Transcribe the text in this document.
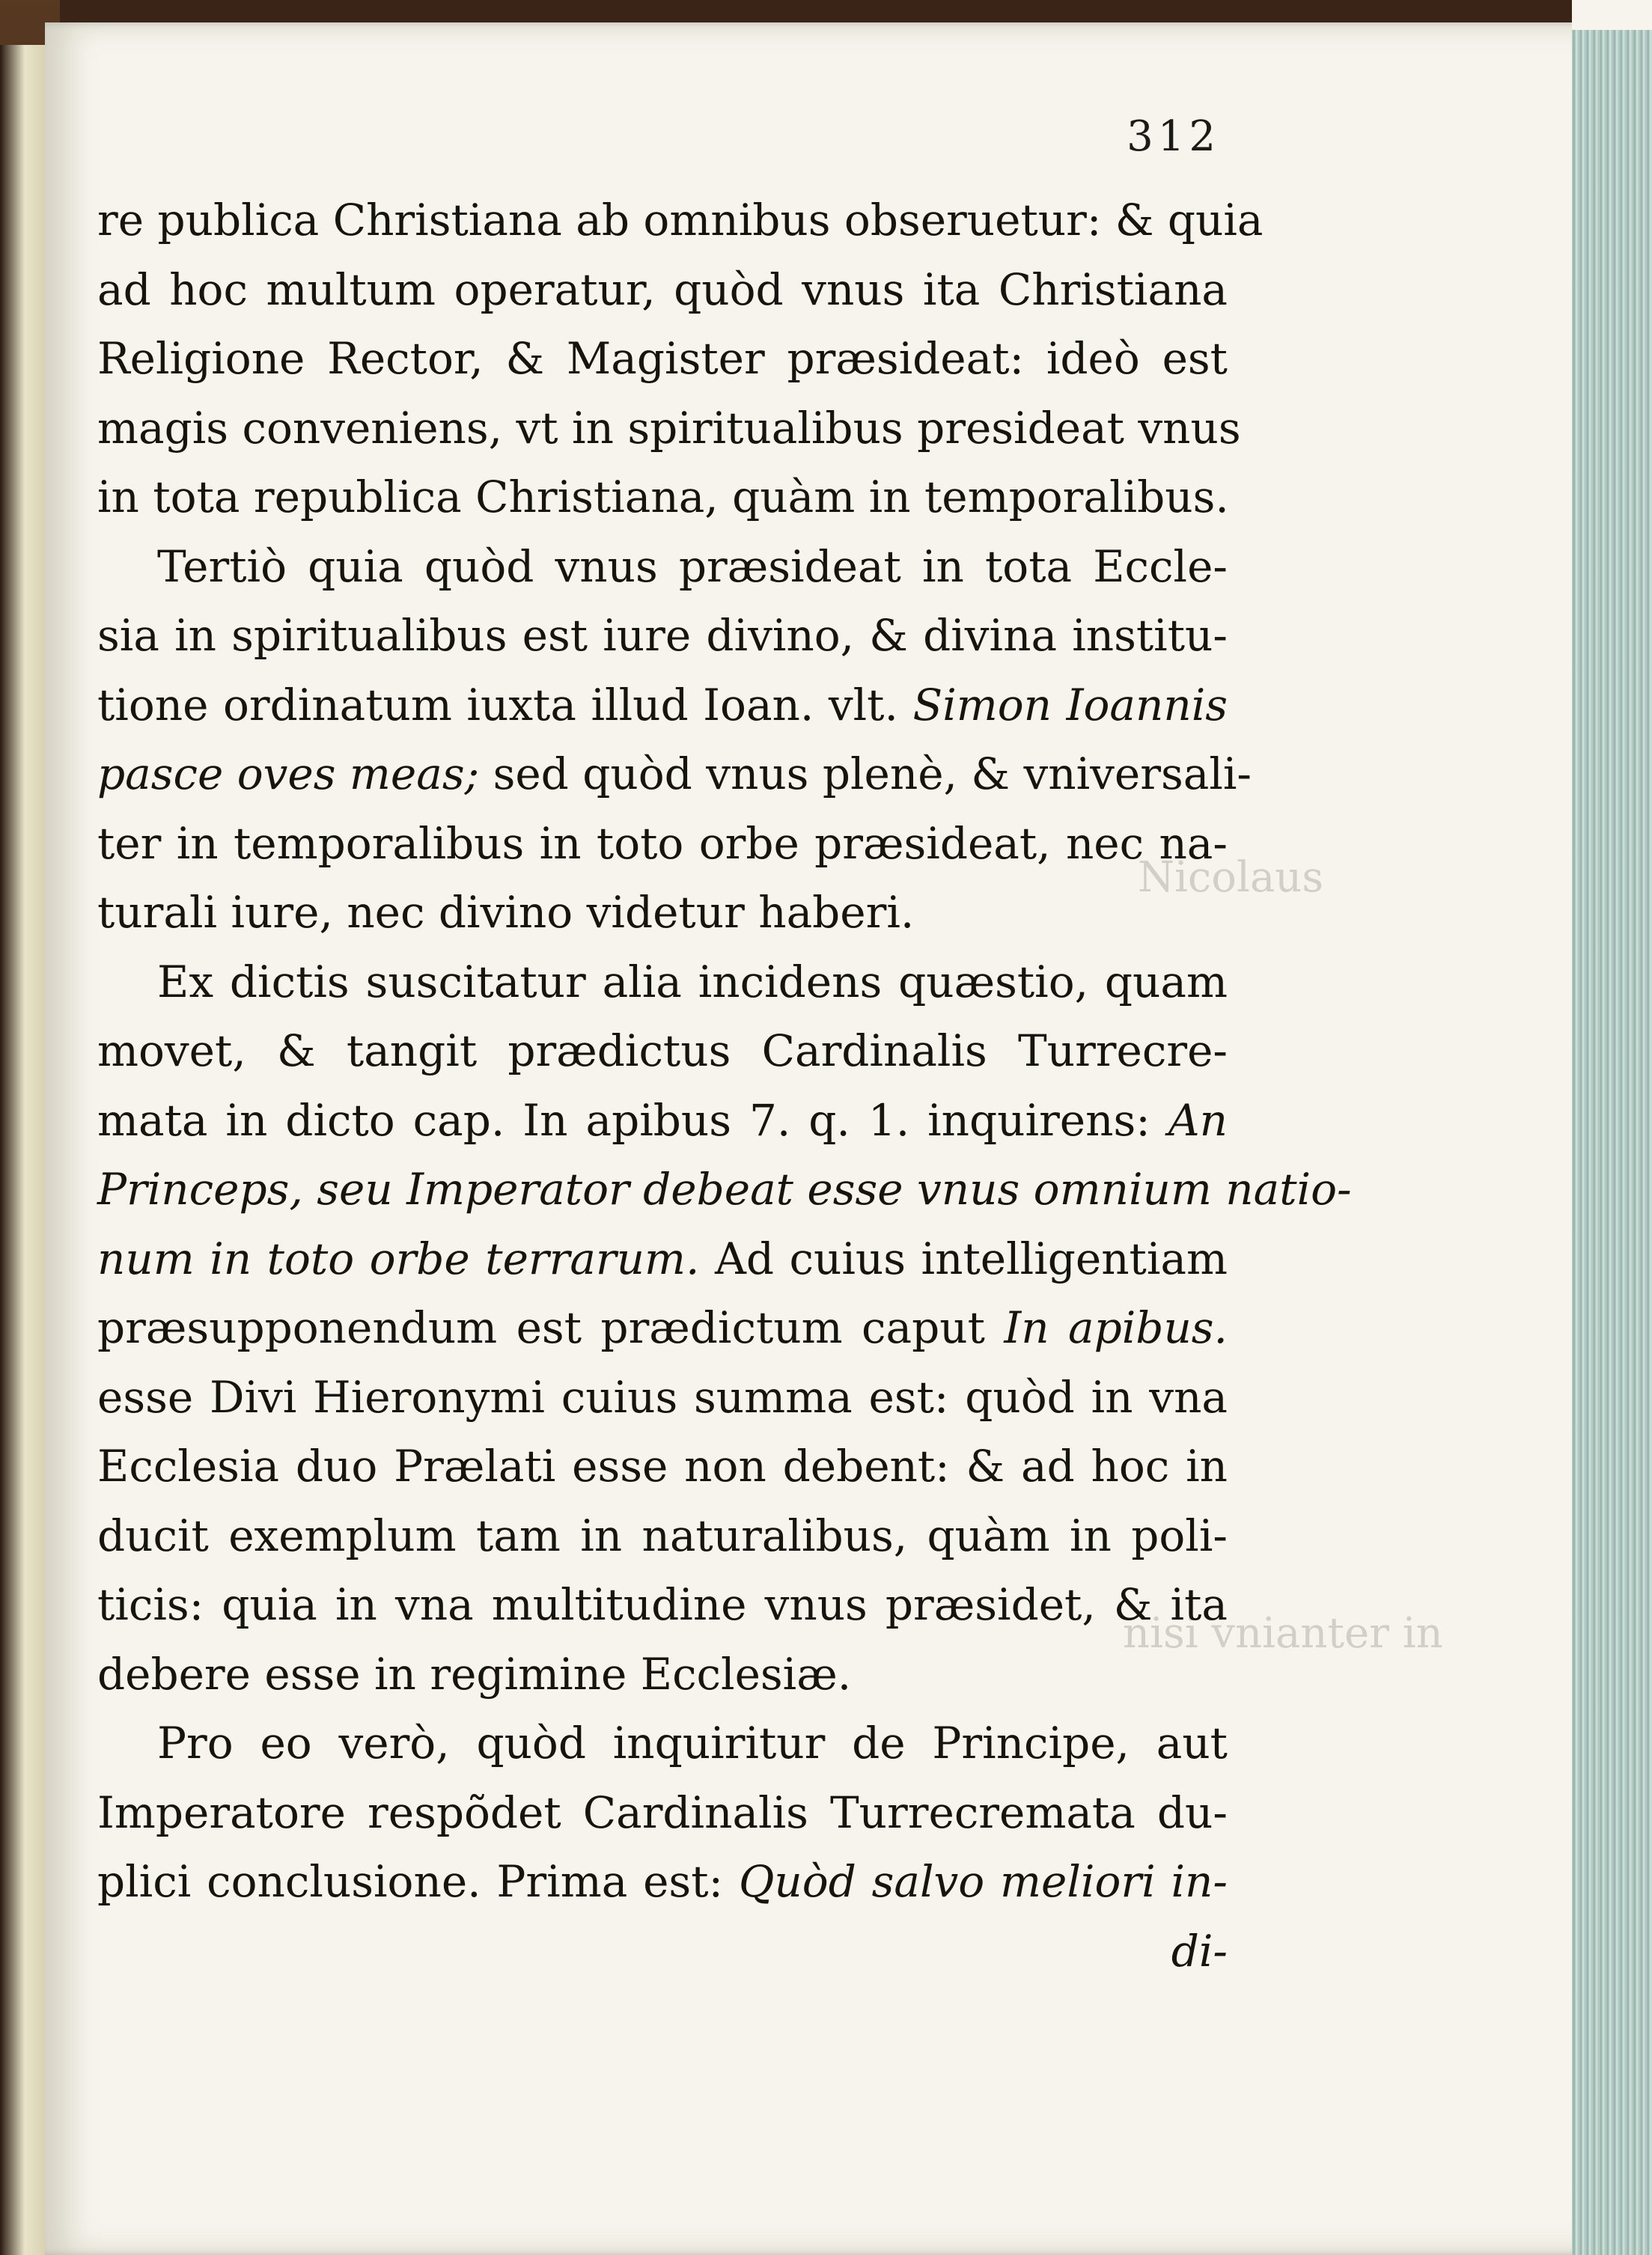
Nicolaus
nisi vnianter in
312
re publica Christiana ab omnibus obseruetur: & quia
ad hoc multum operatur, quòd vnus ita Christiana
Religione Rector, & Magister præsideat: ideò est
magis conveniens, vt in spiritualibus presideat vnus
in tota republica Christiana, quàm in temporalibus.
Tertiò quia quòd vnus præsideat in tota Eccle-
sia in spiritualibus est iure divino, & divina institu-
tione ordinatum iuxta illud Ioan. vlt. Simon Ioannis
pasce oves meas; sed quòd vnus plenè, & vniversali-
ter in temporalibus in toto orbe præsideat, nec na-
turali iure, nec divino videtur haberi.
Ex dictis suscitatur alia incidens quæstio, quam
movet, & tangit prædictus Cardinalis Turrecre-
mata in dicto cap. In apibus 7. q. 1. inquirens: An
Princeps, seu Imperator debeat esse vnus omnium natio-
num in toto orbe terrarum. Ad cuius intelligentiam
præsupponendum est prædictum caput In apibus.
esse Divi Hieronymi cuius summa est: quòd in vna
Ecclesia duo Prælati esse non debent: & ad hoc in
ducit exemplum tam in naturalibus, quàm in poli-
ticis: quia in vna multitudine vnus præsidet, & ita
debere esse in regimine Ecclesiæ.
Pro eo verò, quòd inquiritur de Principe, aut
Imperatore respõdet Cardinalis Turrecremata du-
plici conclusione. Prima est: Quòd salvo meliori in-
di-
